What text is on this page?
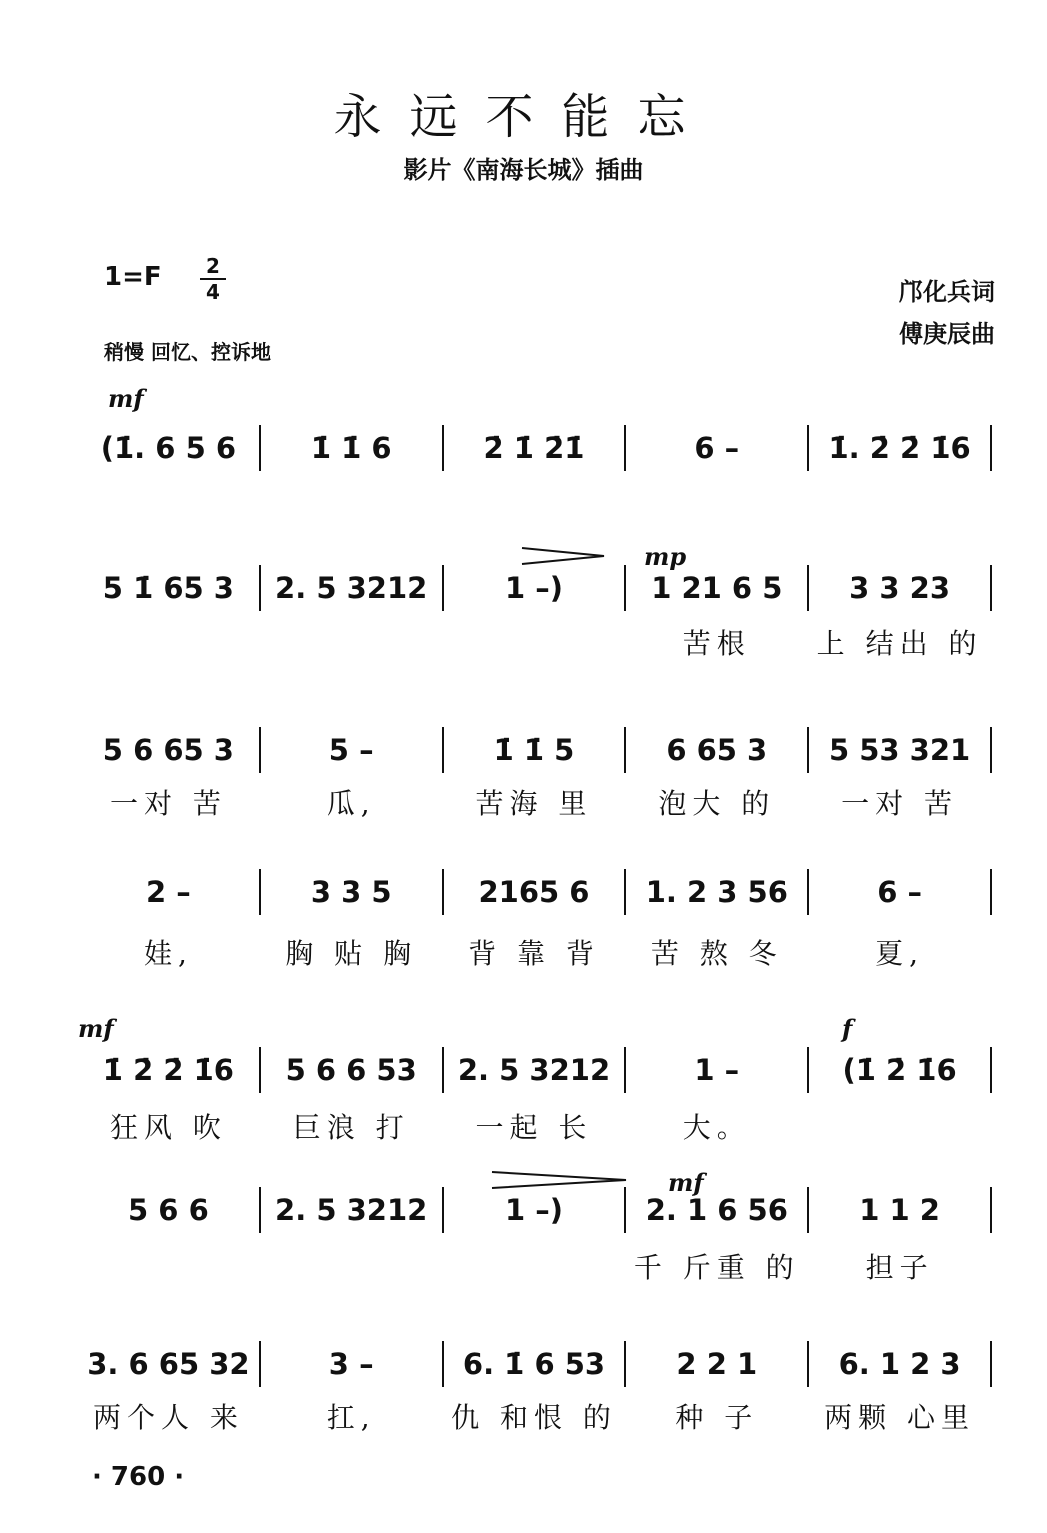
永远不能忘
影片《南海长城》插曲
$1=F \frac{2}{4}$
稍慢 回忆、控诉地
邝化兵词
傅庚辰曲
mf
mp
mf	f
mf
(1̇. 6 5 6	1̇ 1̇ 6	2̇ 1̇ 2̇1̇	6 –	1̇. 2̇ 2̇ 1̇6
5 1̇ 65 3	2. 5 3212	1 –)	1 21 6 5	3 3 23
苦根	上 结出 的
5 6 65 3	5 –	1̇ 1̇ 5	6 65 3	5 53 321
一对 苦	瓜,	苦海 里	泡大 的	一对 苦
2 –	3 3 5	2165 6	1. 2 3 56	6 –
娃,	胸 贴 胸	背 靠 背	苦 熬 冬	夏,
1̇ 2̇ 2̇ 1̇6	5 6 6 53	2. 5 3212	1 –	(1̇ 2̇ 1̇6
狂风 吹	巨浪 打	一起 长	大。
5 6 6	2. 5 3212	1 –)	2. 1 6 56	1 1 2
千 斤重 的	担子
3. 6 65 32	3 –	6. 1̇ 6 53	2 2 1	6. 1 2 3
两个人 来	扛,	仇 和恨 的	种 子	两颗 心里
· 760 ·
